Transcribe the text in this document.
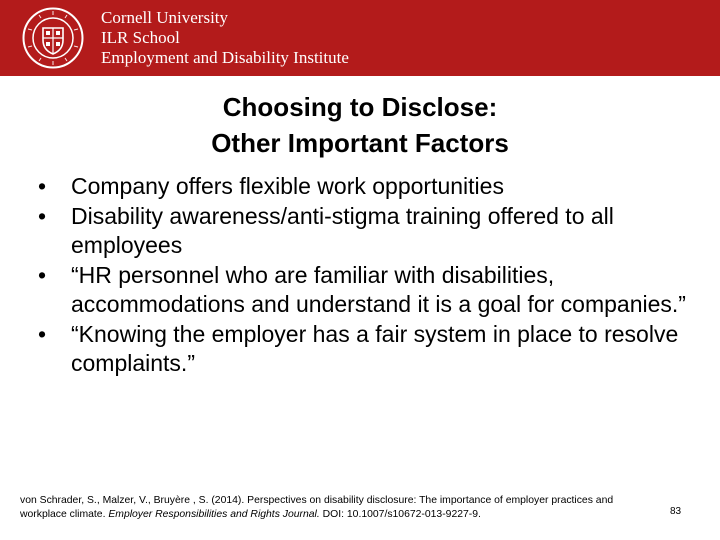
Cornell University
ILR School
Employment and Disability Institute
Choosing to Disclose:
Other Important Factors
•	Company offers flexible work opportunities
•	Disability awareness/anti-stigma training offered to all employees
•	“HR personnel who are familiar with disabilities, accommodations and understand it is a goal for companies.”
•	“Knowing the employer has a fair system in place to resolve complaints.”
von Schrader, S., Malzer, V., Bruyère , S. (2014). Perspectives on disability disclosure: The importance of employer practices and workplace climate. Employer Responsibilities and Rights Journal. DOI: 10.1007/s10672-013-9227-9.	83
